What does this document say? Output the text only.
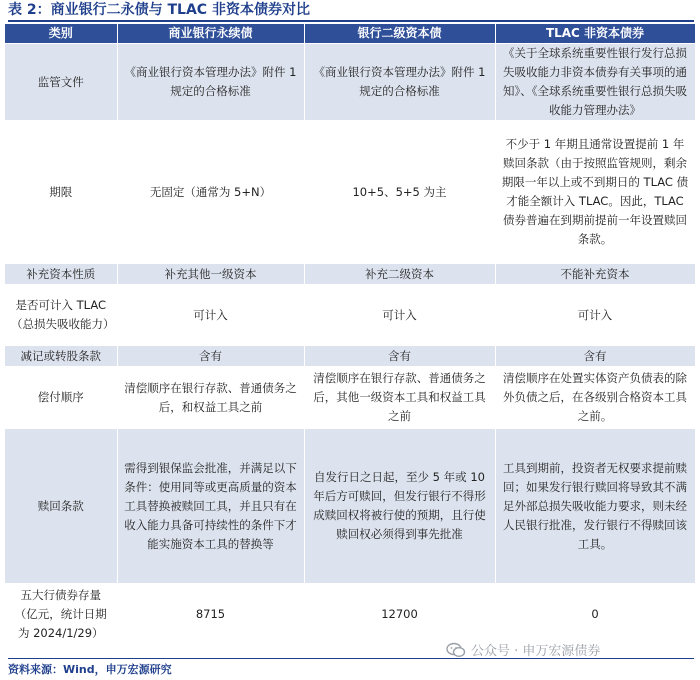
表 2：商业银行二永债与 TLAC 非资本债券对比
类别	商业银行永续债	银行二级资本债	TLAC 非资本债券
监管文件	《商业银行资本管理办法》附件 1 规定的合格标准	《商业银行资本管理办法》附件 1 规定的合格标准	《关于全球系统重要性银行发行总损失吸收能力非资本债券有关事项的通知》、《全球系统重要性银行总损失吸收能力管理办法》
期限	无固定（通常为 5+N）	10+5、5+5 为主	不少于 1 年期且通常设置提前 1 年赎回条款（由于按照监管规则，剩余期限一年以上或不到期日的 TLAC 债才能全额计入 TLAC。因此，TLAC 债券普遍在到期前提前一年设置赎回条款。
补充资本性质	补充其他一级资本	补充二级资本	不能补充资本
是否可计入 TLAC（总损失吸收能力）	可计入	可计入	可计入
减记或转股条款	含有	含有	含有
偿付顺序	清偿顺序在银行存款、普通债务之后，和权益工具之前	清偿顺序在银行存款、普通债务之后，其他一级资本工具和权益工具之前	清偿顺序在处置实体资产负债表的除外负债之后，在各级别合格资本工具之前。
赎回条款	需得到银保监会批准，并满足以下条件：使用同等或更高质量的资本工具替换被赎回工具，并且只有在收入能力具备可持续性的条件下才能实施资本工具的替换等	自发行日之日起，至少 5 年或 10 年后方可赎回，但发行银行不得形成赎回权将被行使的预期，且行使赎回权必须得到事先批准	工具到期前，投资者无权要求提前赎回；如果发行银行赎回将导致其不满足外部总损失吸收能力要求，则未经人民银行批准，发行银行不得赎回该工具。
五大行债券存量（亿元，统计日期为 2024/1/29）	8715	12700	0
公众号 · 申万宏源债券
资料来源：Wind，申万宏源研究
